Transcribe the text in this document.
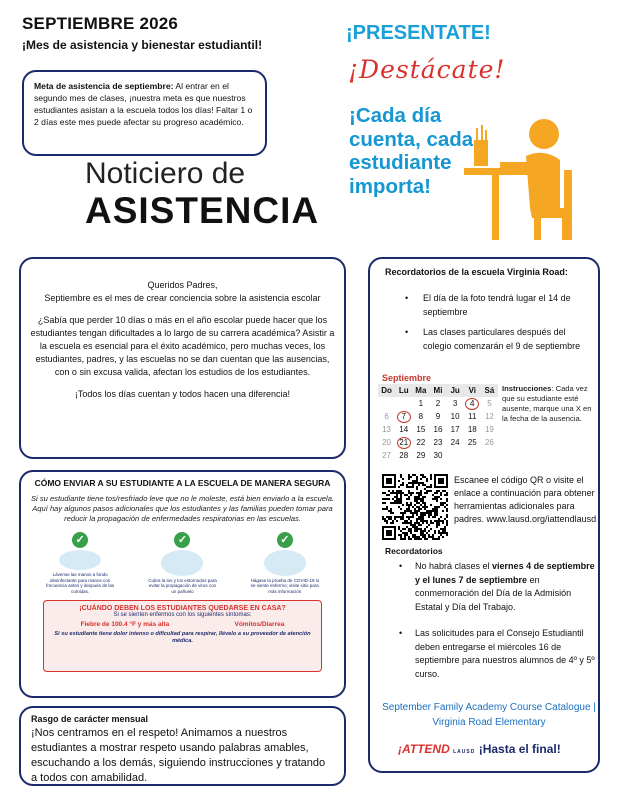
SEPTIEMBRE 2026
¡Mes de asistencia y bienestar estudiantil!
Meta de asistencia de septiembre: Al entrar en el segundo mes de clases, ¡nuestra meta es que nuestros estudiantes asistan a la escuela todos los días! Faltar 1 o 2 días este mes puede afectar su progreso académico.
¡PRESENTATE!
¡Destácate!
¡Cada día cuenta, cada estudiante importa!
Noticiero de
ASISTENCIA

Queridos Padres,

Septiembre es el mes de crear conciencia sobre la asistencia escolar

¿Sabía que perder 10 días o más en el año escolar puede hacer que los estudiantes tengan dificultades a lo largo de su carrera académica? Asistir a la escuela es esencial para el éxito académico, pero muchas veces, los estudiantes, padres, y las escuelas no se dan cuentan que las ausencias, con o sin excusa valida, afectan los estudios de los estudiantes.

¡Todos los días cuentan y todos hacen una diferencia!

Recordatorios de la escuela Virginia Road:
• El día de la foto tendrá lugar el 14 de septiembre
• Las clases particulares después del colegio comenzarán el 9 de septiembre
Septiembre
Do	Lu	Ma	Mi	Ju	Vi	Sá
		1	2	3	4	5
6	7	8	9	10	11	12
13	14	15	16	17	18	19
20	21	22	23	24	25	26
27	28	29	30			
Instrucciones: Cada vez que su estudiante esté ausente, marque una X en la fecha de la ausencia.
Escanee el código QR o visite el enlace a continuación para obtener herramientas adicionales para padres. www.lausd.org/iattendlausd
Recordatorios
• No habrá clases el viernes 4 de septiembre y el lunes 7 de septiembre en conmemoración del Día de la Admisión Estatal y Día del Trabajo.
• Las solicitudes para el Consejo Estudiantil deben entregarse el miércoles 16 de septiembre para nuestros alumnos de 4º y 5º curso.
September Family Academy Course Catalogue | Virginia Road Elementary
¡ATTEND LAUSD ¡Hasta el final!
CÓMO ENVIAR A SU ESTUDIANTE A LA ESCUELA DE MANERA SEGURA
Si su estudiante tiene tos/resfriado leve que no le moleste, está bien enviarlo a la escuela. Aquí hay algunos pasos adicionales que los estudiantes y las familias pueden tomar para reducir la propagación de enfermedades respiratorias en las escuelas.
✓
Lávense las manos a fondo desinfectante para manos con frecuencia antes y después de las comidas.
✓
Cubra la tos y los estornudos para evitar la propagación de virus con un pañuelo
✓
Hágase la prueba de COVID-19 si se siente enfermo; visite sitio para más información
¡CUÁNDO DEBEN LOS ESTUDIANTES QUEDARSE EN CASA?
Si se sienten enfermos con los siguientes síntomas:
Fiebre de 100.4 °F y más alta	Vómitos/Diarrea
Si su estudiante tiene dolor intenso o dificultad para respirar, llévelo a su proveedor de atención médica.
Rasgo de carácter mensual
¡Nos centramos en el respeto! Animamos a nuestros estudiantes a mostrar respeto usando palabras amables, escuchando a los demás, siguiendo instrucciones y tratando a todos con amabilidad.
